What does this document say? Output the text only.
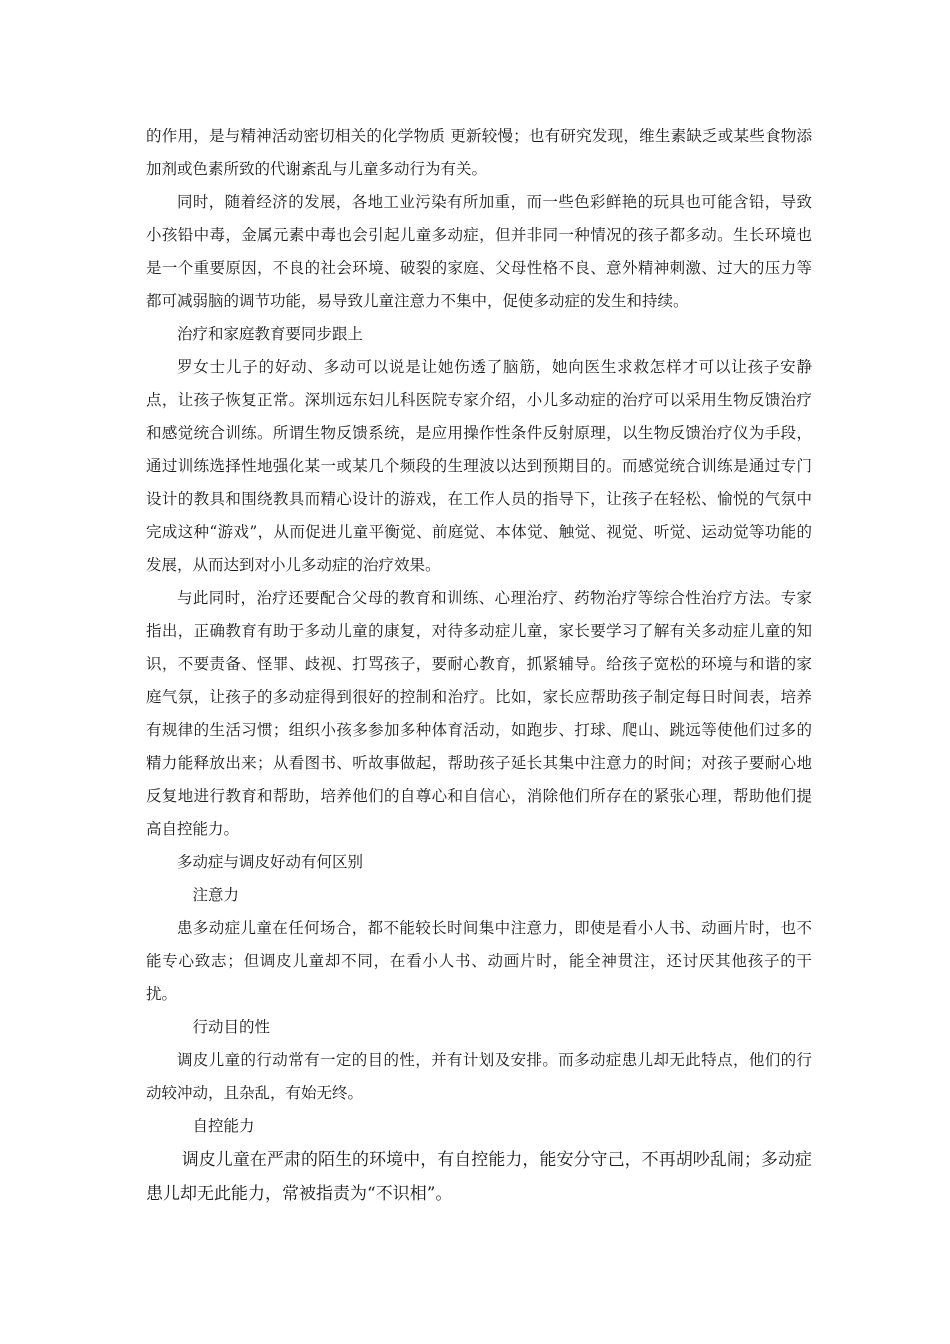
的作用，是与精神活动密切相关的化学物质 更新较慢；也有研究发现，维生素缺乏或某些食物添加剂或色素所致的代谢紊乱与儿童多动行为有关。

同时，随着经济的发展，各地工业污染有所加重，而一些色彩鲜艳的玩具也可能含铅，导致小孩铅中毒，金属元素中毒也会引起儿童多动症，但并非同一种情况的孩子都多动。生长环境也是一个重要原因，不良的社会环境、破裂的家庭、父母性格不良、意外精神刺激、过大的压力等都可减弱脑的调节功能，易导致儿童注意力不集中，促使多动症的发生和持续。

治疗和家庭教育要同步跟上

罗女士儿子的好动、多动可以说是让她伤透了脑筋，她向医生求救怎样才可以让孩子安静点，让孩子恢复正常。深圳远东妇儿科医院专家介绍，小儿多动症的治疗可以采用生物反馈治疗和感觉统合训练。所谓生物反馈系统，是应用操作性条件反射原理，以生物反馈治疗仪为手段，通过训练选择性地强化某一或某几个频段的生理波以达到预期目的。而感觉统合训练是通过专门设计的教具和围绕教具而精心设计的游戏，在工作人员的指导下，让孩子在轻松、愉悦的气氛中完成这种“游戏”，从而促进儿童平衡觉、前庭觉、本体觉、触觉、视觉、听觉、运动觉等功能的发展，从而达到对小儿多动症的治疗效果。

与此同时，治疗还要配合父母的教育和训练、心理治疗、药物治疗等综合性治疗方法。专家指出，正确教育有助于多动儿童的康复，对待多动症儿童，家长要学习了解有关多动症儿童的知识，不要责备、怪罪、歧视、打骂孩子，要耐心教育，抓紧辅导。给孩子宽松的环境与和谐的家庭气氛，让孩子的多动症得到很好的控制和治疗。比如，家长应帮助孩子制定每日时间表，培养有规律的生活习惯；组织小孩多参加多种体育活动，如跑步、打球、爬山、跳远等使他们过多的精力能释放出来；从看图书、听故事做起，帮助孩子延长其集中注意力的时间；对孩子要耐心地反复地进行教育和帮助，培养他们的自尊心和自信心，消除他们所存在的紧张心理，帮助他们提高自控能力。

多动症与调皮好动有何区别

注意力

患多动症儿童在任何场合，都不能较长时间集中注意力，即使是看小人书、动画片时，也不能专心致志；但调皮儿童却不同，在看小人书、动画片时，能全神贯注，还讨厌其他孩子的干扰。

行动目的性

调皮儿童的行动常有一定的目的性，并有计划及安排。而多动症患儿却无此特点，他们的行动较冲动，且杂乱，有始无终。

自控能力

调皮儿童在严肃的陌生的环境中，有自控能力，能安分守己，不再胡吵乱闹；多动症患儿却无此能力，常被指责为“不识相”。
